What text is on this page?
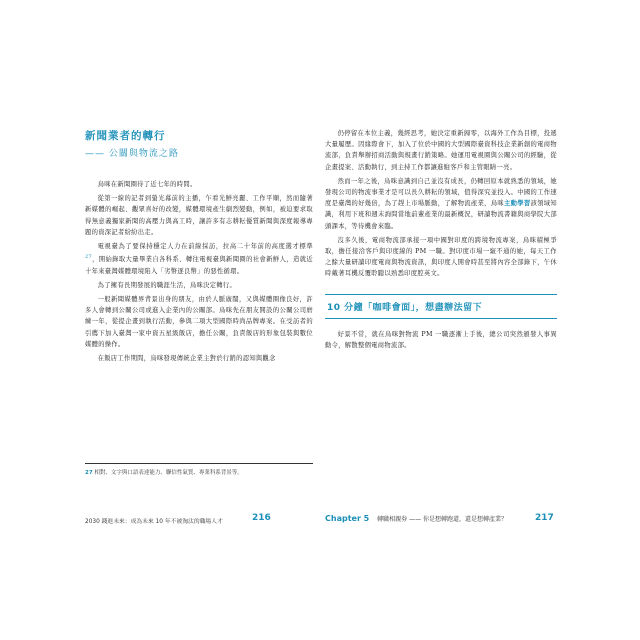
新聞業者的轉行
—— 公關與物流之路

烏咪在新聞圈待了近七年的時間。

從第一線的記者到螢光幕前的主播，乍看光鮮亮麗、工作平順，然而隨著新媒體的崛起、觀眾喜好的改變，媒體環境產生劇烈變動，例如，被迫要求取得無意義獨家新聞的高壓力與高工時，讓許多有志耕耘優質新聞與深度報導專題的資深記者紛紛出走。

電視臺為了要保持穩定人力在前線採訪，拉高二十年前的高度選才標準$^{27}$，開始錄取大量畢業自各科系、轉往電視臺與新聞圈的社會新鮮人，造就近十年來臺灣媒體環境陷入「劣幣逐良幣」的惡性循環。

為了擁有長期發展的職涯生活，烏咪決定轉行。

一般新聞媒體界背景出身的朋友，由於人脈廣闊，又與媒體圈像良好，許多人會轉到公關公司或進入企業內的公關部。烏咪先在朋友開設的公關公司磨練一年，從提企畫到執行活動，參與二項大型國際時尚品牌專案。在受訪者的引薦下加入臺灣一家中資五星級飯店，擔任公關，負責飯店的形象包裝與數位媒體的操作。

在飯店工作期間，烏咪發現傳統企業主對於行銷的認知與觀念

27 相對、文字與口語表達能力、聯信性氣質、專業科系背景等。
2030 錢進未來：成為未來 10 年不被淘汰的職場人才	216

仍停留在本位主義，幾經思考，她決定重新歸零，以海外工作為目標，投遞大量履歷。因緣際會下，加入了位於中國的大型國際臺資科技企業新創的電商物流部，負責舉辦招商活動與規畫行銷策略。她運用電視圈與公關公司的經驗，從企畫提案、活動執行，到主持工作都讓進駐客戶和主管眼睛一亮。

然而一年之後，烏咪意識到自己並沒有成長，仍轉回原本就熟悉的領域，她發現公司的物流事業才是可以長久耕耘的領域，值得深究並投入。中國的工作速度是臺灣的好幾倍，為了趕上市場脈動，了解物流產業，烏咪主動學習該領域知識，利用下班和週末詢問當地前輩產業的最新概況，研讀物流書籍與商學院大部頭課本，等待機會來臨。

沒多久後，電商物流部承接一項中國對印度的跨境物流專案，烏咪積極爭取，擔任接洽客戶與印度線的 PM 一職。對印度市場一竅不通的她，每天工作之餘大量研讀印度電商與物流資訊，與印度人開會時甚至將內容全部錄下，午休時戴著耳機反覆聆聽以熟悉印度腔英文。

10 分鐘「咖啡會面」，想盡辦法留下

好景不常，就在烏咪對物流 PM 一職逐漸上手後，總公司突然頒發人事異動令，解散整個電商物流部。

Chapter 5 轉職相親券 —— 你是想轉跑道，還是想轉產業？	217
